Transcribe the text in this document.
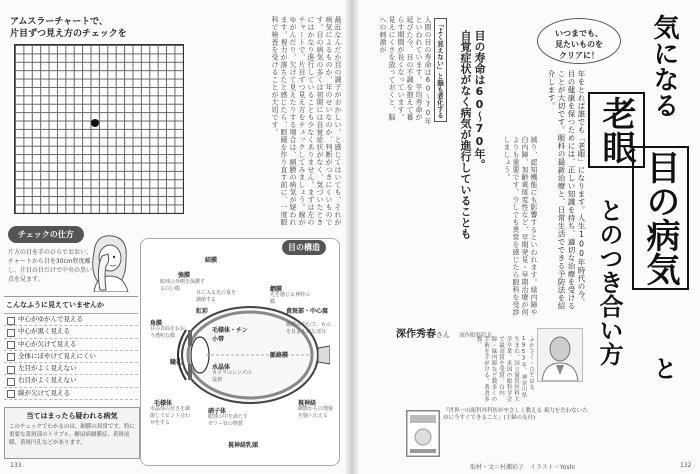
アムスラーチャートで、
片目ずつ見え方のチェックを	最近なんだか目の調子がおかしい、と感じてはいても、それが病気によるものか、年のせいなのか、判断がつきにくいものです。目の病気の多くは初期には自覚症状がなく、気づいたときにはかなり進行していることも少なくありません。まずは左のチャートで、片目ずつ見え方をチェックしてみましょう。線がゆがんだり、欠けて見えたりする場合は、網膜の病気が疑われます。視力が落ちたと感じたら、眼鏡を作り直す前に、一度眼科で検査を受けることが大切です。
チェックの仕方
片方の目を手のひらでおおい、チャートから目を30cm程度離し、片目の目だけで中央の黒い点を見ます。
こんなふうに見えていませんか
中心がゆがんで見える
中心が黒く見える
中心が欠けて見える
全体にぼやけて見えにくい
左目がよく見えない
右目がよく見えない
線が欠けて見える
当てはまったら疑われる病気
このチェックでわかるのは、網膜の異常です。特に重要な黄斑部のトラブル。糖尿病網膜症、黄斑前膜、黄斑円孔などがあります。
目の構造
強膜
眼球の外側を保護する白い膜
虹彩
角膜
目の表面をおおう透明な膜
瞳孔
毛様体・チン小帯
水晶体
カメラのレンズの役割
結膜
毛様体
水晶体の厚さを調節してピント合わせをする
硝子体
眼球の中を満たすゼリー状の物質
視神経乳頭
網膜
光を感じる神経の膜
黄斑部・中心窩
網膜の中心で、ものを見る大切な部分
脈絡膜
視神経
網膜からの情報を脳へ伝える
目に入る光の量を調節する
133
いつまでも、
見たいものを
クリアに！	気になる
老眼
とのつき合い方 目の病気
と
年をとれば誰でも「老眼」になります。人生100年時代の今、目の健康を保つためには、正しい知識を持ち、適切な治療を受けることが大切です。眼科の最新治療と、日常生活でできる予防法を紹介します。
目の寿命は60〜70年。
自覚症状がなく病気が進行していることも
「よく見えない」と脳も老化する
人間の目の寿命は60〜70年といわれています。平均寿命が延びた今、目の不調を抱えて暮らす期間が長くなっています。見えにくさを放っておくと、脳への刺激が
減り、認知機能にも影響するといわれます。緑内障や白内障、加齢黄斑変性など、早期発見・早期治療が何よりも重要です。少しでも異常を感じたら眼科を受診しましょう。
深作秀春さん 深作眼科院長	ふかさく・ひではる 1953年、神奈川県生まれ。国立滋賀医科大学卒業。米国の眼科学会で最高賞を受賞。白内障・緑内障など数多くの手術を手がける。著書多数。
『世界一の眼科外科医がやさしく教える 視力を失わないために今すぐできること』(主婦の友社)
取材・文＝村瀬彩子　イラスト＝Yoshi	132
